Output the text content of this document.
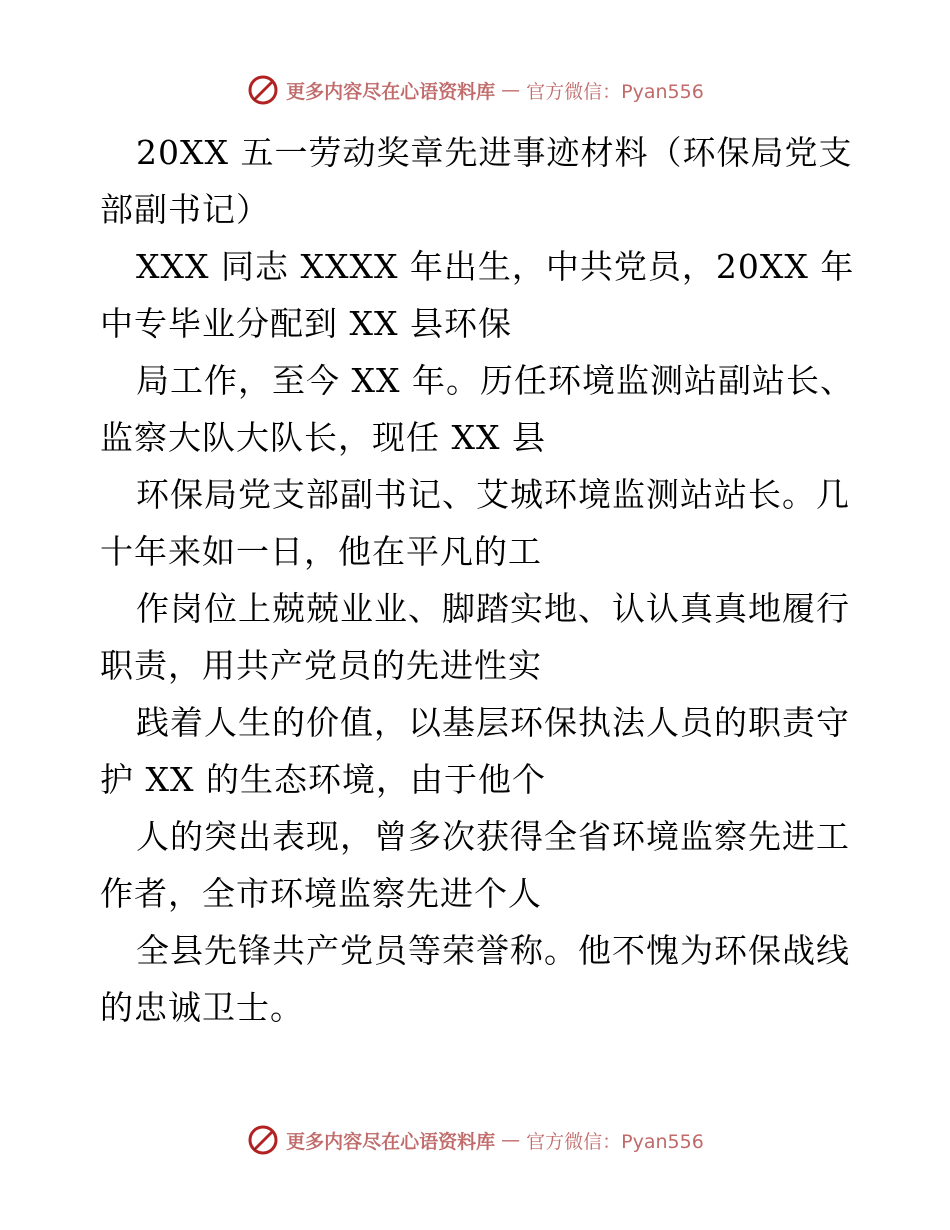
更多内容尽在心语资料库 — 官方微信：Pyan556

20XX 五一劳动奖章先进事迹材料（环保局党支部副书记）

XXX 同志 XXXX 年出生，中共党员，20XX 年中专毕业分配到 XX 县环保

局工作，至今 XX 年。历任环境监测站副站长、监察大队大队长，现任 XX 县

环保局党支部副书记、艾城环境监测站站长。几十年来如一日，他在平凡的工

作岗位上兢兢业业、脚踏实地、认认真真地履行职责，用共产党员的先进性实

践着人生的价值，以基层环保执法人员的职责守护 XX 的生态环境，由于他个

人的突出表现，曾多次获得全省环境监察先进工作者，全市环境监察先进个人

全县先锋共产党员等荣誉称。他不愧为环保战线的忠诚卫士。

更多内容尽在心语资料库 — 官方微信：Pyan556
